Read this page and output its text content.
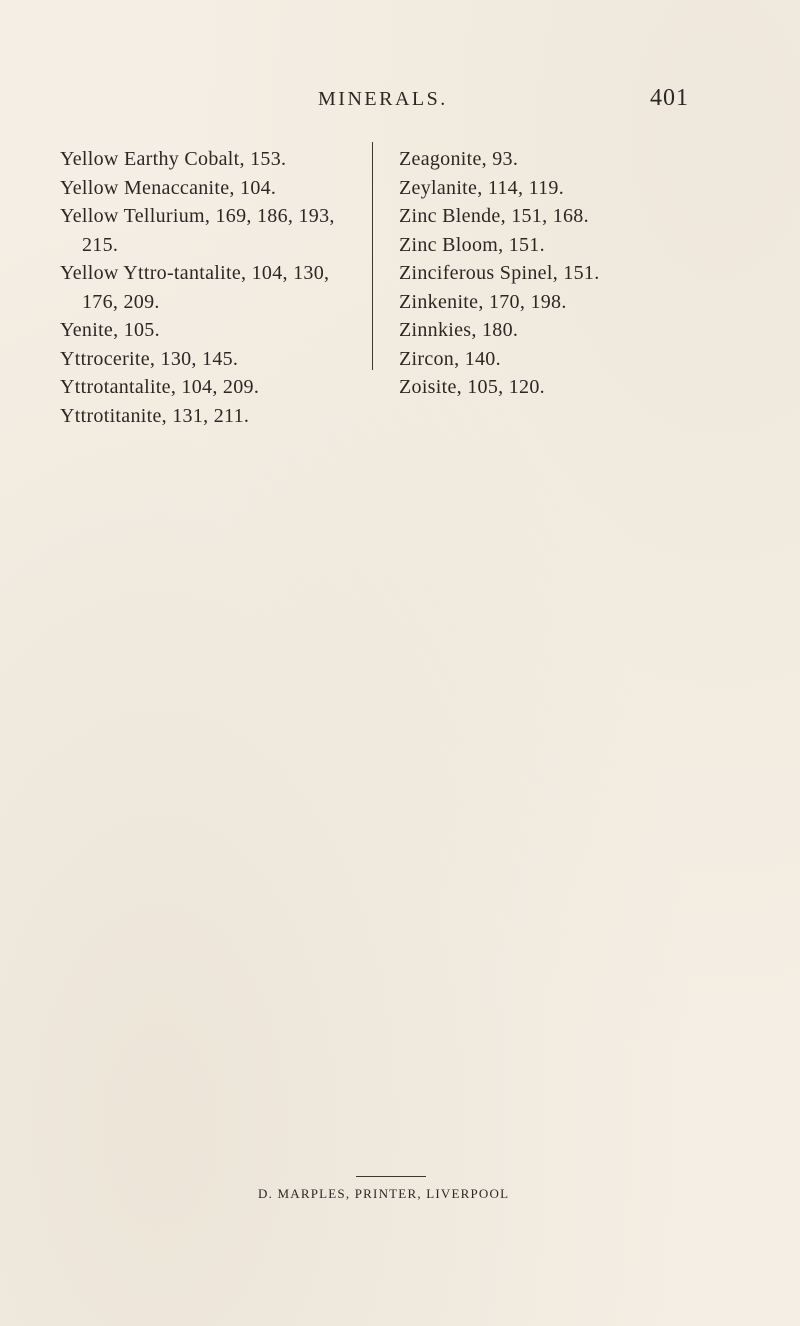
MINERALS.	401
Yellow Earthy Cobalt, 153.
Yellow Menaccanite, 104.
Yellow Tellurium, 169, 186, 193,
215.
Yellow Yttro-tantalite, 104, 130,
176, 209.
Yenite, 105.
Yttrocerite, 130, 145.
Yttrotantalite, 104, 209.
Yttrotitanite, 131, 211.
Zeagonite, 93.
Zeylanite, 114, 119.
Zinc Blende, 151, 168.
Zinc Bloom, 151.
Zinciferous Spinel, 151.
Zinkenite, 170, 198.
Zinnkies, 180.
Zircon, 140.
Zoisite, 105, 120.
D. MARPLES, PRINTER, LIVERPOOL
